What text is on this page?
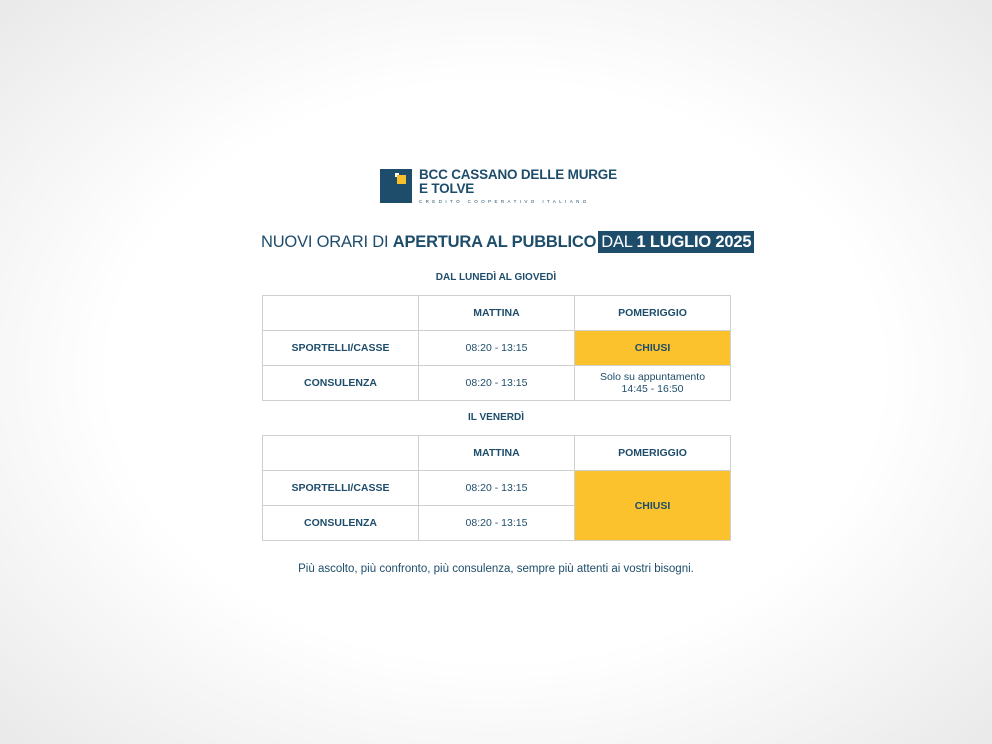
BCC CASSANO DELLE MURGE
E TOLVE
CREDITO COOPERATIVO ITALIANO
NUOVI ORARI DI APERTURA AL PUBBLICO DAL 1 LUGLIO 2025
DAL LUNEDÌ AL GIOVEDÌ
	MATTINA	POMERIGGIO
SPORTELLI/CASSE	08:20 - 13:15	CHIUSI
CONSULENZA	08:20 - 13:15	Solo su appuntamento
14:45 - 16:50
IL VENERDÌ
	MATTINA	POMERIGGIO
SPORTELLI/CASSE	08:20 - 13:15	CHIUSI
CONSULENZA	08:20 - 13:15	
Più ascolto, più confronto, più consulenza, sempre più attenti ai vostri bisogni.
